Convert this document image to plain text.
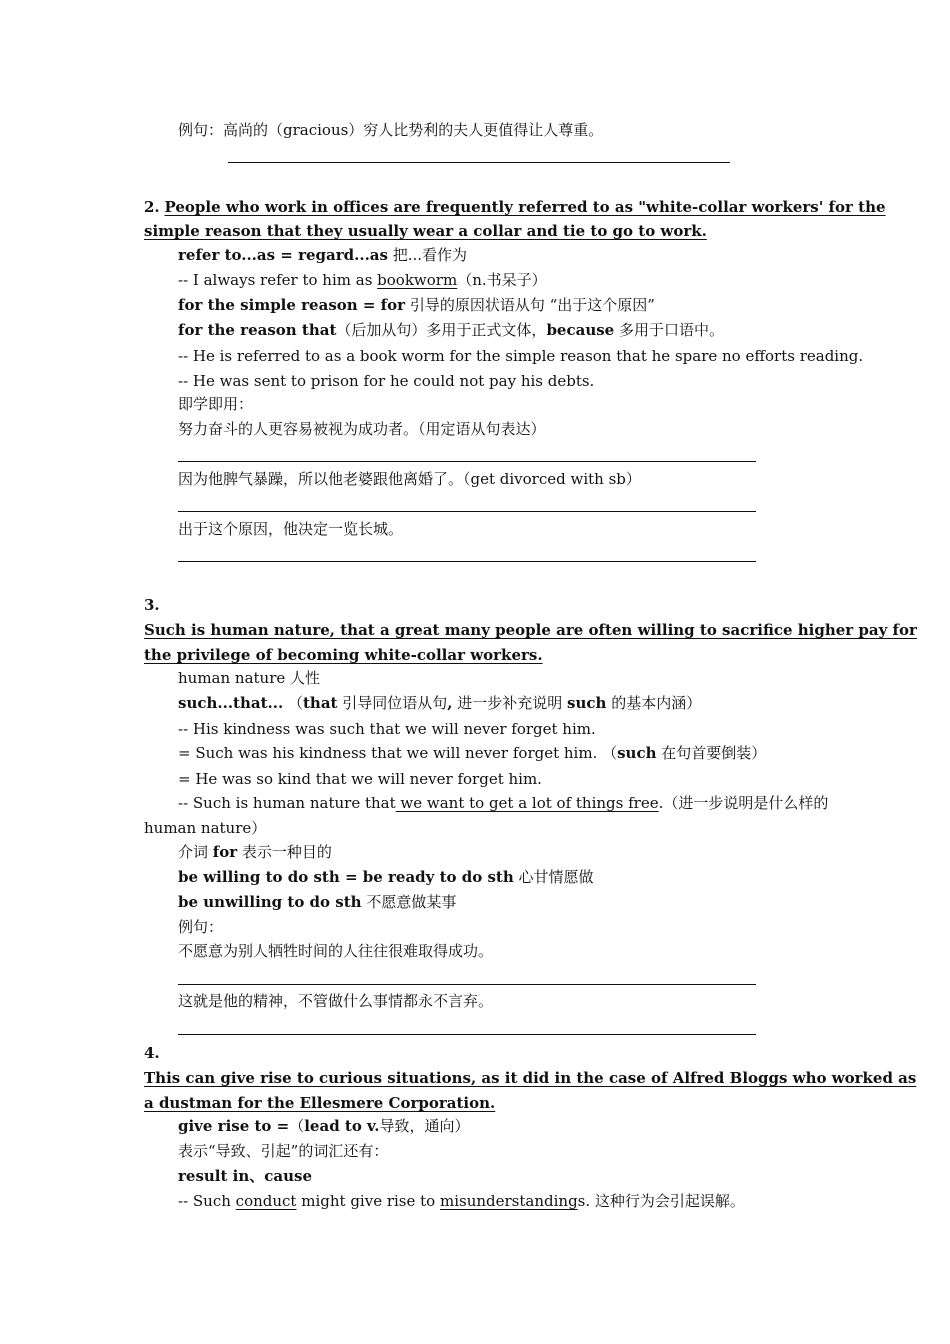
例句：高尚的（gracious）穷人比势利的夫人更值得让人尊重。
2. People who work in offices are frequently referred to as "white-collar workers' for the
simple reason that they usually wear a collar and tie to go to work.
refer to...as = regard...as 把...看作为
-- I always refer to him as bookworm（n.书呆子）
for the simple reason = for 引导的原因状语从句 “出于这个原因”
for the reason that（后加从句）多用于正式文体，because 多用于口语中。
-- He is referred to as a book worm for the simple reason that he spare no efforts reading.
-- He was sent to prison for he could not pay his debts.
即学即用：
努力奋斗的人更容易被视为成功者。（用定语从句表达）
因为他脾气暴躁，所以他老婆跟他离婚了。（get divorced with sb）
出于这个原因，他决定一览长城。
3.
Such is human nature, that a great many people are often willing to sacrifice higher pay for
the privilege of becoming white-collar workers.
human nature 人性
such...that... （that 引导同位语从句, 进一步补充说明 such 的基本内涵）
-- His kindness was such that we will never forget him.
= Such was his kindness that we will never forget him. （such 在句首要倒装）
= He was so kind that we will never forget him.
-- Such is human nature that we want to get a lot of things free.（进一步说明是什么样的
human nature）
介词 for 表示一种目的
be willing to do sth = be ready to do sth 心甘情愿做
be unwilling to do sth 不愿意做某事
例句：
不愿意为别人牺牲时间的人往往很难取得成功。
这就是他的精神，不管做什么事情都永不言弃。
4.
This can give rise to curious situations, as it did in the case of Alfred Bloggs who worked as
a dustman for the Ellesmere Corporation.
give rise to =（lead to v.导致，通向）
表示“导致、引起”的词汇还有：
result in、cause
-- Such conduct might give rise to misunderstandings. 这种行为会引起误解。
